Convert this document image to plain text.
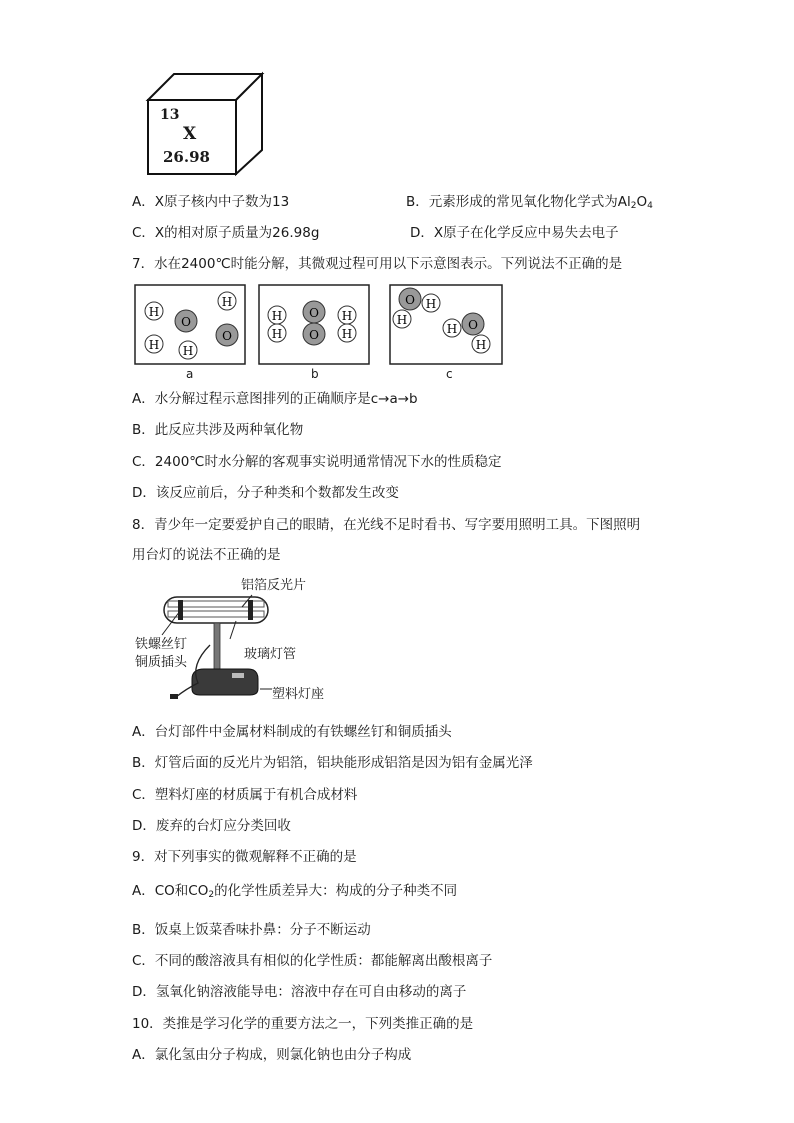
13
X
26.98
A．X原子核内中子数为13	B．元素形成的常见氧化物化学式为$Al_2O_4$
C．X的相对原子质量为26.98g	D．X原子在化学反应中易失去电子
7．水在2400℃时能分解，其微观过程可用以下示意图表示。下列说法不正确的是
H
H
O
O
H H
H
H
O
O
H
H
O H
H	O
H
H
a	b	c
A．水分解过程示意图排列的正确顺序是c→a→b
B．此反应共涉及两种氧化物
C．2400℃时水分解的客观事实说明通常情况下水的性质稳定
D．该反应前后，分子种类和个数都发生改变
8．青少年一定要爱护自己的眼睛，在光线不足时看书、写字要用照明工具。下图照明
用台灯的说法不正确的是
铝箔反光片
铁螺丝钉
铜质插头
玻璃灯管
塑料灯座
A．台灯部件中金属材料制成的有铁螺丝钉和铜质插头
B．灯管后面的反光片为铝箔，铝块能形成铝箔是因为铝有金属光泽
C．塑料灯座的材质属于有机合成材料
D．废弃的台灯应分类回收
9．对下列事实的微观解释不正确的是
A．CO和$CO_2$的化学性质差异大：构成的分子种类不同
B．饭桌上饭菜香味扑鼻：分子不断运动
C．不同的酸溶液具有相似的化学性质：都能解离出酸根离子
D．氢氧化钠溶液能导电：溶液中存在可自由移动的离子
10．类推是学习化学的重要方法之一，下列类推正确的是
A．氯化氢由分子构成，则氯化钠也由分子构成
